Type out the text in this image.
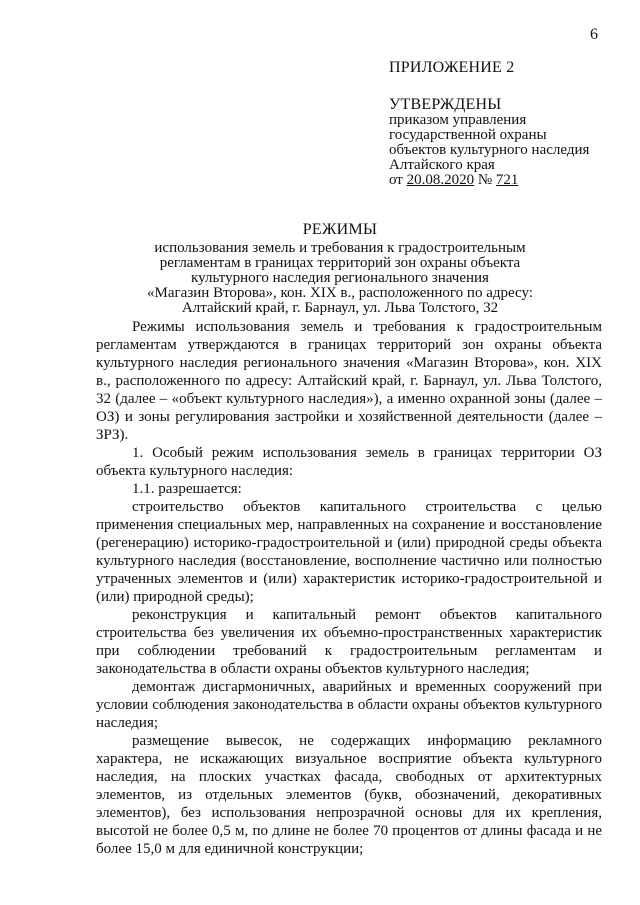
6
ПРИЛОЖЕНИЕ 2
УТВЕРЖДЕНЫ
приказом управления
государственной охраны
объектов культурного наследия
Алтайского края
от 20.08.2020 № 721
РЕЖИМЫ
использования земель и требования к градостроительным
регламентам в границах территорий зон охраны объекта
культурного наследия регионального значения
«Магазин Второва», кон. XIX в., расположенного по адресу:
Алтайский край, г. Барнаул, ул. Льва Толстого, 32

Режимы использования земель и требования к градостроительным регламентам утверждаются в границах территорий зон охраны объекта культурного наследия регионального значения «Магазин Второва», кон. XIX в., расположенного по адресу: Алтайский край, г. Барнаул, ул. Льва Толстого, 32 (далее – «объект культурного наследия»), а именно охранной зоны (далее – ОЗ) и зоны регулирования застройки и хозяйственной деятельности (далее – ЗРЗ).

1. Особый режим использования земель в границах территории ОЗ объекта культурного наследия:

1.1. разрешается:

строительство объектов капитального строительства с целью применения специальных мер, направленных на сохранение и восстановление (регенерацию) историко-градостроительной и (или) природной среды объекта культурного наследия (восстановление, восполнение частично или полностью утраченных элементов и (или) характеристик историко-градостроительной и (или) природной среды);

реконструкция и капитальный ремонт объектов капитального строительства без увеличения их объемно-пространственных характеристик при соблюдении требований к градостроительным регламентам и законодательства в области охраны объектов культурного наследия;

демонтаж дисгармоничных, аварийных и временных сооружений при условии соблюдения законодательства в области охраны объектов культурного наследия;

размещение вывесок, не содержащих информацию рекламного характера, не искажающих визуальное восприятие объекта культурного наследия, на плоских участках фасада, свободных от архитектурных элементов, из отдельных элементов (букв, обозначений, декоративных элементов), без использования непрозрачной основы для их крепления, высотой не более 0,5 м, по длине не более 70 процентов от длины фасада и не более 15,0 м для единичной конструкции;
